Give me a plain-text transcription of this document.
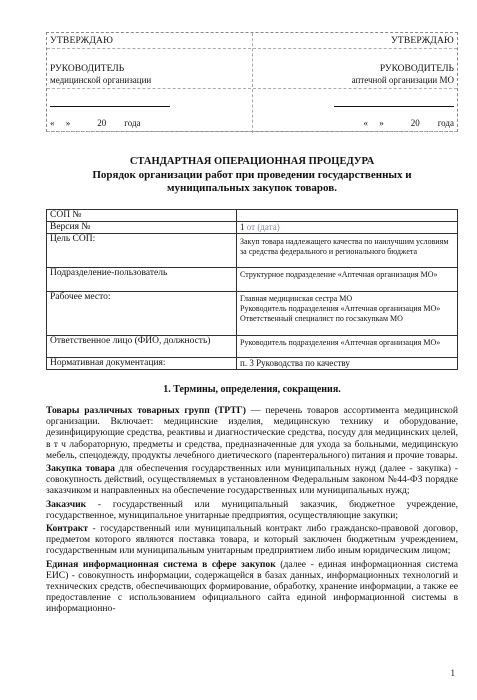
УТВЕРЖДАЮ
РУКОВОДИТЕЛЬ
медицинской организации
«     »            20        года
УТВЕРЖДАЮ
РУКОВОДИТЕЛЬ
аптечной организации МО
«     »            20        года
СТАНДАРТНАЯ ОПЕРАЦИОННАЯ ПРОЦЕДУРА
Порядок организации работ при проведении государственных и
муниципальных закупок товаров.
СОП №	
Версия №	1 от (дата)
Цель СОП:	Закуп товара надлежащего качества по наилучшим условиям за средства федерального и регионального бюджета
Подразделение-пользователь	Структурное подразделение «Аптечная организация МО»
Рабочее место:	Главная медицинская сестра МО
Руководитель подразделения «Аптечная организация МО»
Ответственный специалист по госзакупкам МО

Ответственное лицо (ФИО, должность)	Руководитель подразделения «Аптечная организация МО»
Нормативная документация:	п. 3 Руководства по качеству
1. Термины, определения, сокращения.

Товары различных товарных групп (ТРТГ) — перечень товаров ассортимента медицинской организации. Включает: медицинские изделия, медицинскую технику и оборудование, дезинфицирующие средства, реактивы и диагностические средства, посуду для медицинских целей, в т ч лабораторную, предметы и средства, предназначенные для ухода за больными, медицинскую мебель, спецодежду, продукты лечебного диетического (парентерального) питания и прочие товары.

Закупка товара для обеспечения государственных или муниципальных нужд (далее - закупка) - совокупность действий, осуществляемых в установленном Федеральным законом №44-ФЗ порядке заказчиком и направленных на обеспечение государственных или муниципальных нужд;

Заказчик - государственный или муниципальный заказчик, бюджетное учреждение, государственное, муниципальное унитарные предприятия, осуществляющие закупки;

Контракт - государственный или муниципальный контракт либо гражданско-правовой договор, предметом которого являются поставка товара, и который заключен бюджетным учреждением, государственным или муниципальным унитарным предприятием либо иным юридическим лицом;

Единая информационная система в сфере закупок (далее - единая информационная система ЕИС) - совокупность информации, содержащейся в базах данных, информационных технологий и технических средств, обеспечивающих формирование, обработку, хранение информации, а также ее предоставление с использованием официального сайта единой информационной системы в информационно-

1
